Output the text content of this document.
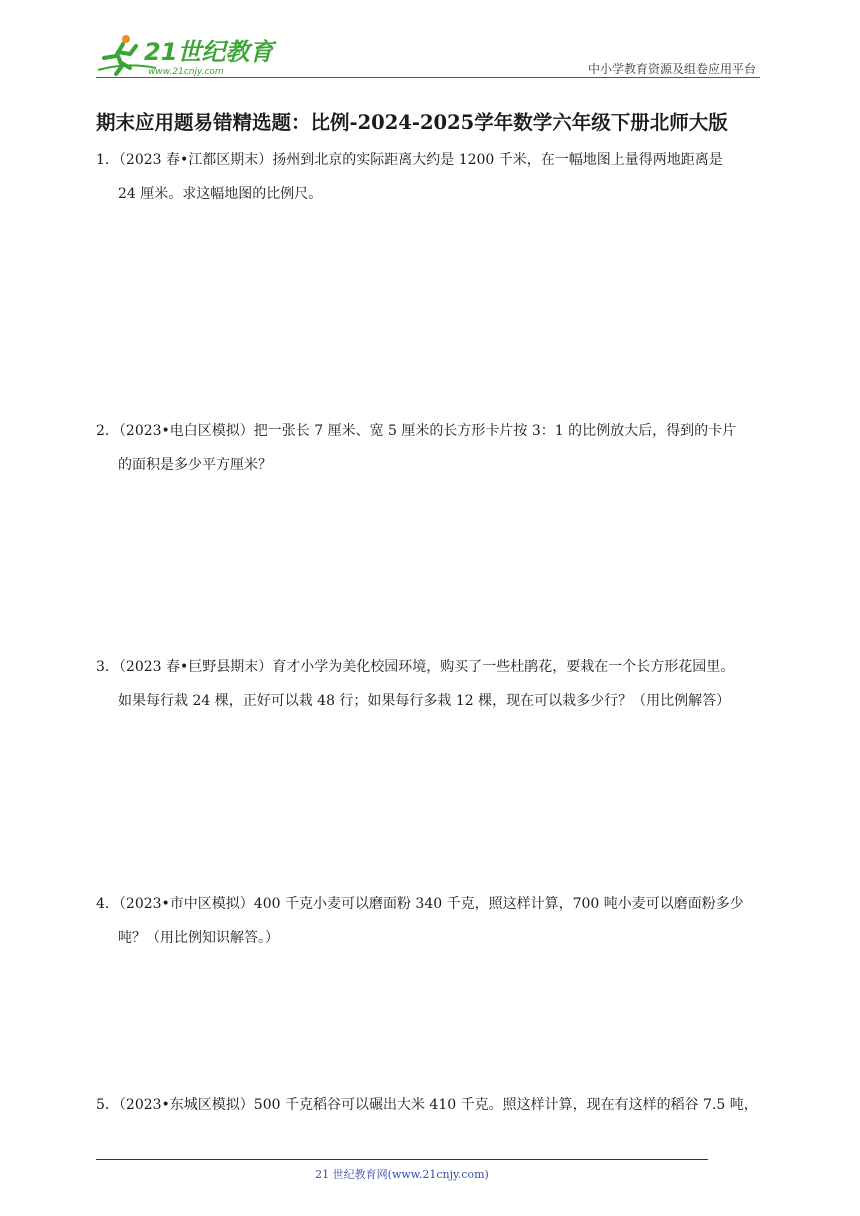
21世纪教育
www.21cnjy.com	中小学教育资源及组卷应用平台
期末应用题易错精选题：比例-2024-2025学年数学六年级下册北师大版
1．（2023 春•江都区期末）扬州到北京的实际距离大约是 1200 千米，在一幅地图上量得两地距离是
24 厘米。求这幅地图的比例尺。
2．（2023•电白区模拟）把一张长 7 厘米、宽 5 厘米的长方形卡片按 3：1 的比例放大后，得到的卡片
的面积是多少平方厘米？
3．（2023 春•巨野县期末）育才小学为美化校园环境，购买了一些杜鹃花，要栽在一个长方形花园里。
如果每行栽 24 棵，正好可以栽 48 行；如果每行多栽 12 棵，现在可以栽多少行？（用比例解答）
4．（2023•市中区模拟）400 千克小麦可以磨面粉 340 千克，照这样计算，700 吨小麦可以磨面粉多少
吨？（用比例知识解答。）
5．（2023•东城区模拟）500 千克稻谷可以碾出大米 410 千克。照这样计算，现在有这样的稻谷 7.5 吨，
21 世纪教育网(www.21cnjy.com)
